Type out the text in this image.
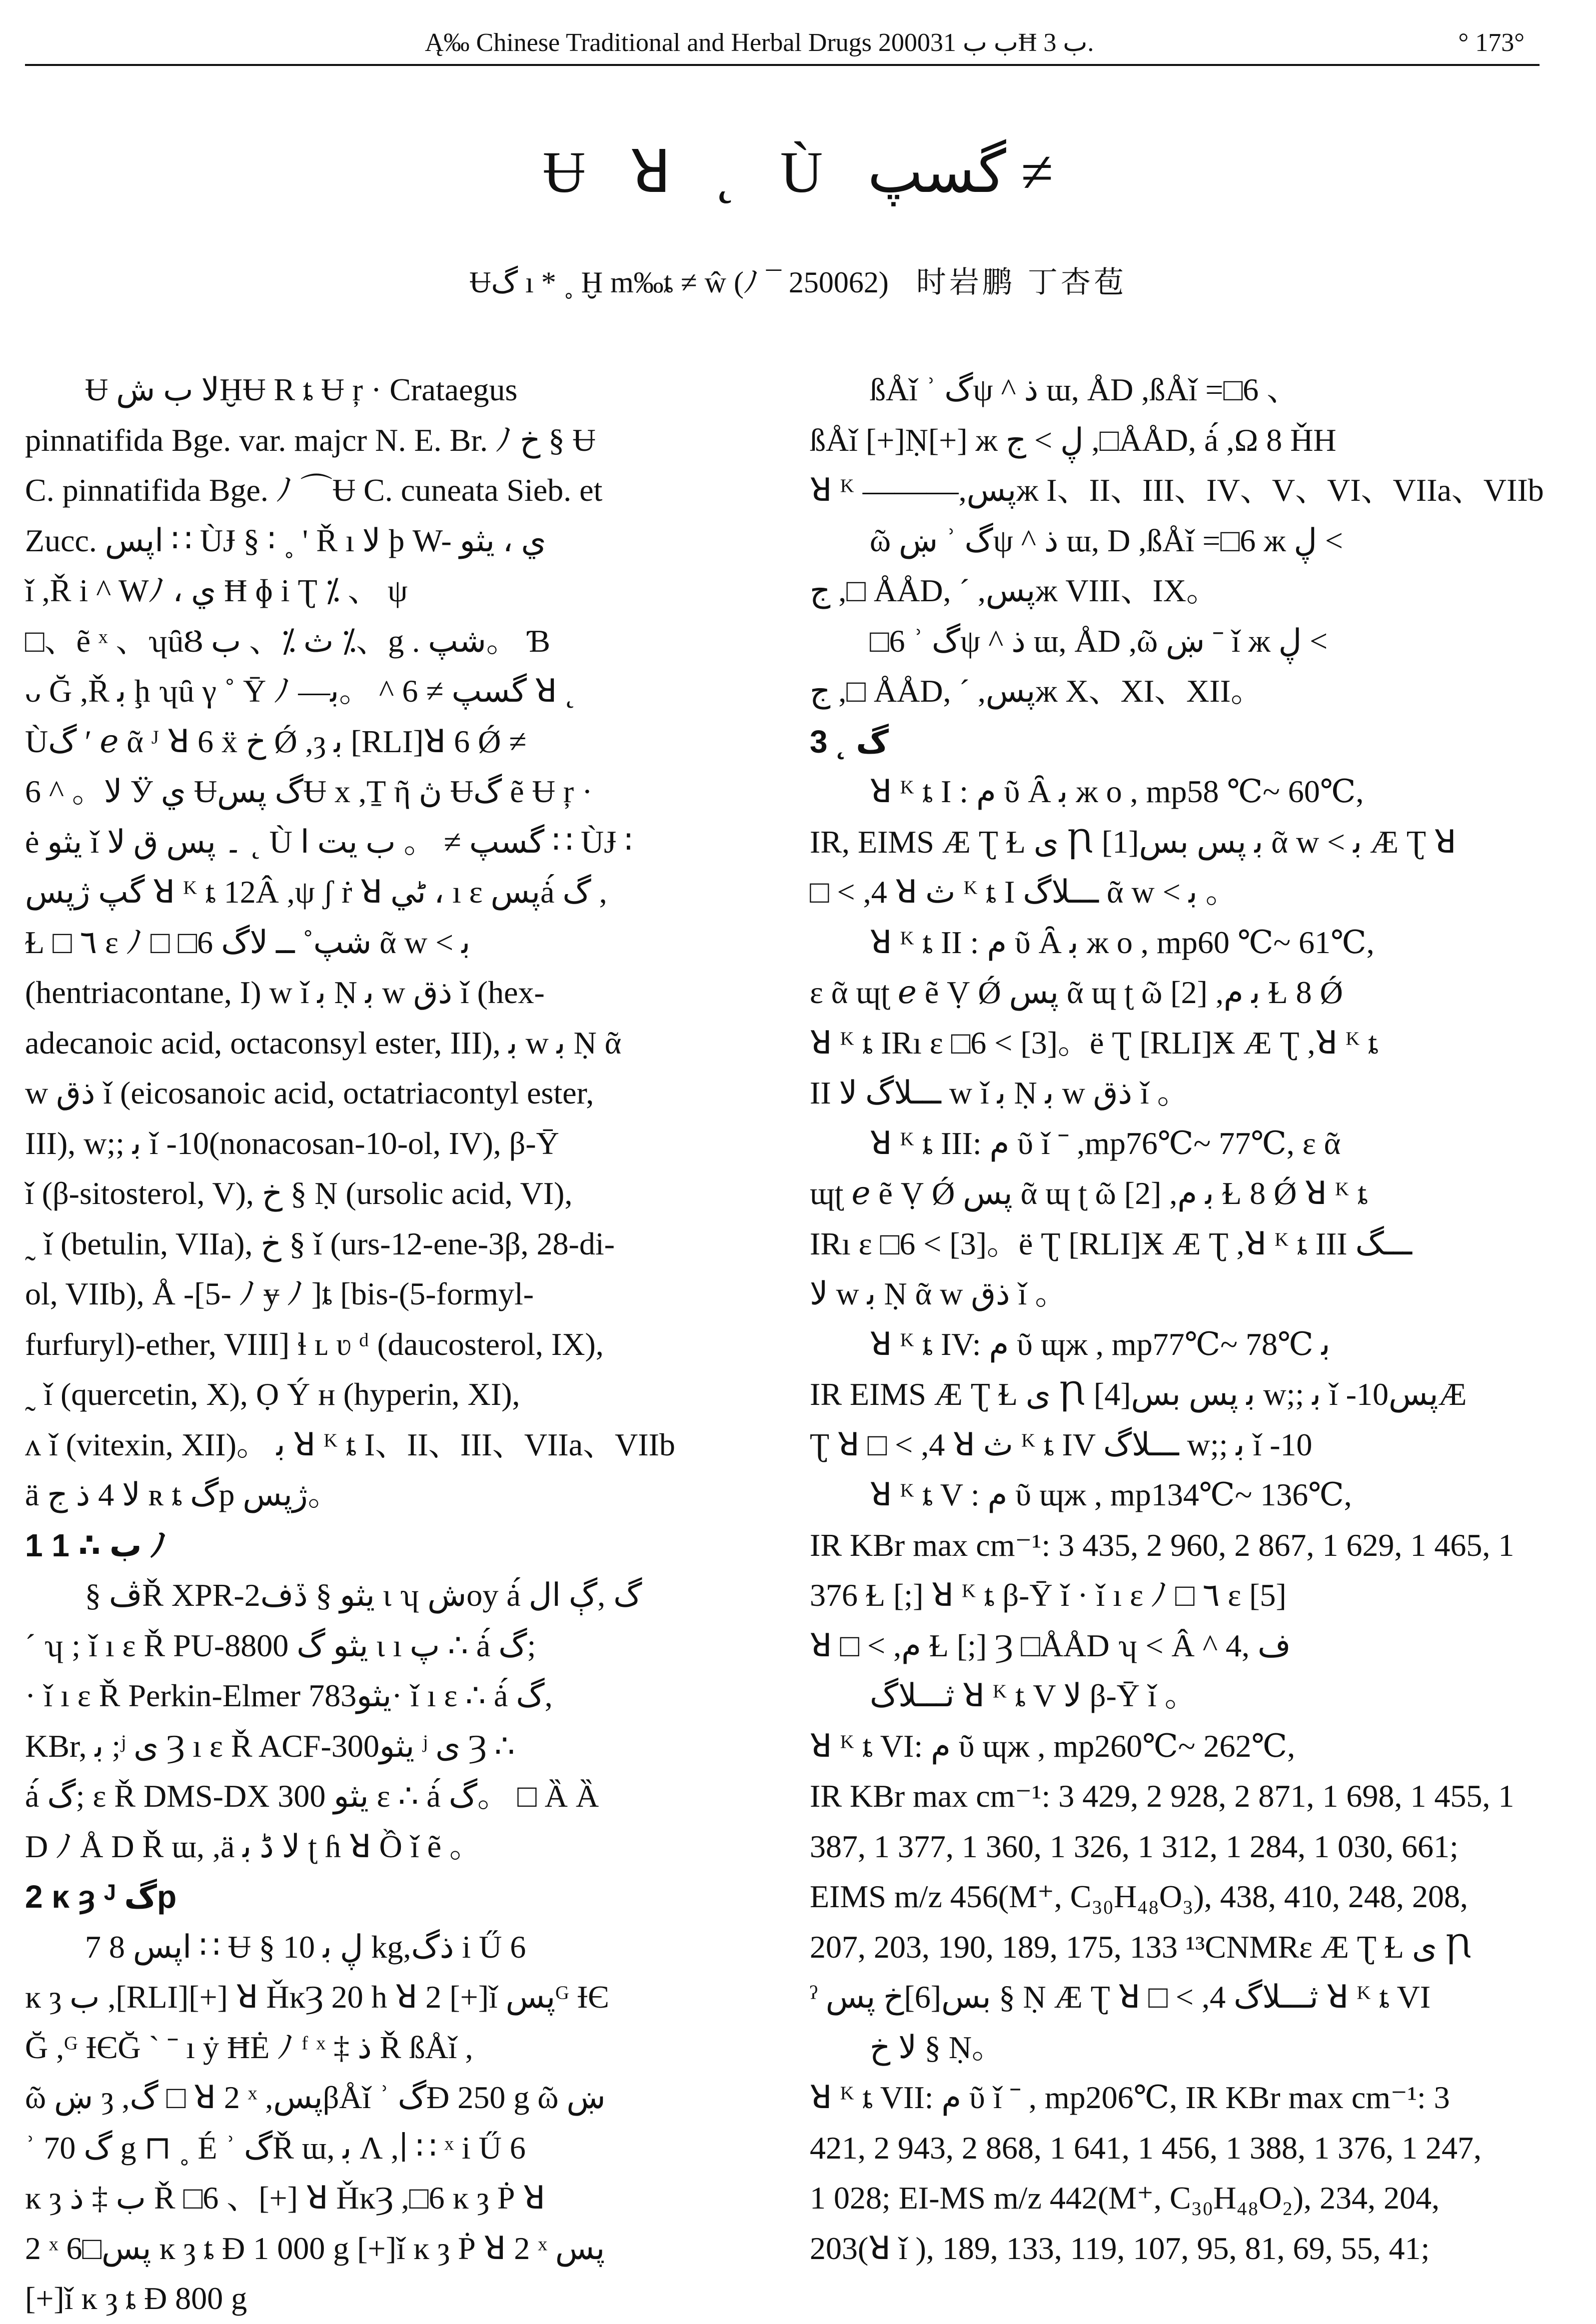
Ą‰ Chinese Traditional and Herbal Drugs 2000ب ب 31Ħ ب 3.	° 173°
Ʉ ꓤ ˛ Ù گسپ ≠
Ʉگ ı * ˳ Ḫ m‰ȶ ≠ ŵ (ﾉ ¯ 250062) 时岩鹏 丁杏苞
Ʉ ﻻ ب شḪɄ R ȶ Ʉ ŗ · Crataegus
pinnatifida Bge. var. majcr N. E. Br. ﾉ خ § Ʉ
C. pinnatifida Bge. ﾉ ⌒Ʉ C. cuneata Sieb. et
Zucc. اپس ∷ ÙɈ § ∶ ˳ ' Ř ı ﻻ ϸ W- ي ، يثو
ǐ ,Ř i ^ Wﾉ ، ي Ħ ɸ i Ʈ ⁒ 、 ψ
□、ẽ ˣ 、ʮȗȢ ث ⁒、 ب ⁒、g . شپ。 Ɓ
ᴗ Ğ ,Ř ﺑ ḩ ʮȗ γ ˚ Ȳ ﾉ ―گسپ ≠ 6 ^ 。ﺑ ꓤ ˛
Ùگ ʹ ℯ ᾶ ᴶ ꓤ 6 ẍ خ Ǿ ,ȝ ﺑ [RLI]ꓤ 6 Ǿ ≠
6 ^ 。ﻻ Ӱ ي Ʉگ پسɄ x ,Ṯ ῆ ڽ Ʉگ ẽ Ʉ ŗ ·
ė يثو ǐ ۔ پس ق ﻻ ˛ Ù گسپ ≠ 。 ب يت ا ∷ ÙɈ ∶
گپ ژپس ꓤ ᴷ ȶ 12Â ,ψ ʃ ṙ ꓤ ٹي ، ı ɛ پسȧ́ گ ,
Ɫ □ ٦ ɛ ﾉ □ □6 شپ˚ ــ ﻻگ ᾶ w ˂ ﺑ
(hentriacontane, I) w ǐ ﺑ Ṇ ﺑ w ذق ǐ (hex-
adecanoic acid, octaconsyl ester, III), ﺑ w ﺑ Ṇ ᾶ
w ذق ǐ (eicosanoic acid, octatriacontyl ester,
III), w;; ﺑ ǐ -10(nonacosan-10-ol, IV), β-Ȳ
ǐ (β-sitosterol, V), خ § Ṇ (ursolic acid, VI),
˷ ǐ (betulin, VIIa), خ § ǐ (urs-12-ene-3β, 28-di-
ol, VIIb), Å -[5- ﾉ ɏ ﾉ ]ȶ [bis-(5-formyl-
furfuryl)-ether, VIII] ɬ ʟ ʋ ᵈ (daucosterol, IX),
˷ ǐ (quercetin, X), Ọ Ý ʜ (hyperin, XI),
ᴧ ǐ (vitexin, XII)。 ﺑ ꓤ ᴷ ȶ I、II、III、VIIa、VIIb
ä ﻻ 4 ذ ج ʀ ȶ گp ژپس。
1 ب ∴ 1 ﾉ
§ ڤŘ XPR-2يثو § ڏﻑ ɩ ʮ شoy ȧ́ گ ,ڳ ﺍﻝ
ˊ ʮ ; ǐ ı ɛ Ř PU-8800 يثو گ ɩ ı پ ∴ ȧ́ گ;
· ǐ ı ɛ Ř Perkin-Elmer 783يثو· ǐ ı ɛ ∴ ȧ́ گ,
KBr, ﺑ ;ʲ ى Ȝ ı ɛ Ř ACF-300يثو ʲ ى Ȝ ∴
ȧ́ گ; ɛ Ř DMS-DX 300 يثو ɛ ∴ ȧ́ گ。 □ Ȁ Ȁ
D ﾉ Å D Ř ɯ, ,ä ﻻ ڈ ﺑ ʈ ɦ ꓤ Ồ ǐ ẽ 。
2 ĸ ȝ ᴶ گp
7 8 اپس ∷ Ʉ § ڸ ﺑ 10 kg,ذگ i Ű 6
ĸ ȝ ب ,[RLI][+] ꓤ ȞĸȜ 20 h ꓤ 2 [+]ǐ پسᴳ ƗЄ
Ğ ,ᴳ ƗЄĞ ˋ ˉ ı ẏ ĦĖ ﾉ ᶠ ˣ ‡ ذ Ř ßÅǐ ,
ῶ ښ ȝ ,گ □ ꓤ 2 ˣ ,پسβÅǐ ʾ گÐ 250 g ῶ ښ
ʾ گ 70 g ⊓ ˳ É ʾ گŘ ɯ, ﺑ Ʌ ,∣ ∷ ˣ i Ű 6
ĸ ȝ ب ‡ ذ Ř □6 、[+] ꓤ ȞĸȜ ,□6 ĸ ȝ Ṗ ꓤ
2 ˣ پس□6 ĸ ȝ ȶ Ð 1 000 g [+]ǐ ĸ ȝ Ṗ ꓤ 2 ˣ پس
[+]ǐ ĸ ȝ ȶ Ð 800 g
ßÅǐ ʾ گψ ^ ذ ɯ, ÅD ,ßÅǐ =□6 、
ßÅǐ [+]Ṇ[+] ж ڸ ˂ ج ,□ÅÅD, ȧ́ ,Ω 8 ȞН
ꓤ ᴷ ———,پسж I、II、III、IV、V、VI、VIIa、VIIb
ῶ ښ ʾ گψ ^ ذ ɯ, D ,ßÅǐ =□6 ж ڸ ˂
ج ,□ ÅÅD, ˊ ,پسж VIII、IX。
□6 ʾ گψ ^ ذ ɯ, ÅD ,ῶ ښ ˉ ǐ ж ڸ ˂
ج ,□ ÅÅD, ˊ ,پسж X、XI、XII。
3 ˛ گ
ꓤ ᴷ ȶ I : م ῦ Ȃ ﺑ ж o , mp58 ℃~ 60℃,
IR, EIMS Æ Ʈ Ɫ ى Ꞃ [1]ﺑ پس بس ᾶ w ˂ ﺑ Æ Ʈ ꓤ
□ ˂ ,4 ꓤ ث ᴷ ȶ I ـــلاگ ᾶ w ˂ ﺑ 。
ꓤ ᴷ ȶ II : م ῦ Ȃ ﺑ ж o , mp60 ℃~ 61℃,
ɛ ᾶ ɰʈ ℯ ẽ Ṿ Ǿ پس ᾶ ɰ ʈ ῶ [2] ,ﺑ م Ɫ 8 Ǿ
ꓤ ᴷ ȶ IRı ɛ □6 ˂ [3]。ë Ʈ [RLI]Ӿ Æ Ʈ ,ꓤ ᴷ ȶ
II ـــلاگ ﻻ w ǐ ﺑ Ṇ ﺑ w ذق ǐ 。
ꓤ ᴷ ȶ III: م ῦ ǐ ˉ ,mp76℃~ 77℃, ɛ ᾶ
ɰʈ ℯ ẽ Ṿ Ǿ پس ᾶ ɰ ʈ ῶ [2] ,ﺑ م Ɫ 8 Ǿ ꓤ ᴷ ȶ
IRı ɛ □6 ˂ [3]。ë Ʈ [RLI]Ӿ Æ Ʈ ,ꓤ ᴷ ȶ III ـــگ
ﻻ w ﺑ Ṇ ᾶ w ذق ǐ 。
ꓤ ᴷ ȶ IV: م ῦ ɰж , mp77℃~ 78℃ ﺑ
IR EIMS Æ Ʈ Ɫ ى Ꞃ [4]ﺑ پس بس w;; ﺑ ǐ -10پسÆ
Ʈ ꓤ □ ˂ ,4 ꓤ ث ᴷ ȶ IV ـــلاگ w;; ﺑ ǐ -10
ꓤ ᴷ ȶ V : م ῦ ɰж , mp134℃~ 136℃,
IR KBr max cm⁻¹: 3 435, 2 960, 2 867, 1 629, 1 465, 1
376 Ɫ [;] ꓤ ᴷ ȶ β-Ȳ ǐ · ǐ ı ɛ ﾉ □ ٦ ɛ [5]
ꓤ □ ˂ ,م Ɫ [;] Ȝ □ÅÅD ʮ ˂ Â ^ ﻑ ,4
ثـــلاگ ꓤ ᴷ ȶ V ﻻ β-Ȳ ǐ 。
ꓤ ᴷ ȶ VI: م ῦ ɰж , mp260℃~ 262℃,
IR KBr max cm⁻¹: 3 429, 2 928, 2 871, 1 698, 1 455, 1
387, 1 377, 1 360, 1 326, 1 312, 1 284, 1 030, 661;
EIMS m/z 456(M⁺, C₃₀H₄₈O₃), 438, 410, 248, 208,
207, 203, 190, 189, 175, 133 ¹³CNMRɛ Æ Ʈ Ɫ ى Ꞃ
ˀ بس[6]خ پس § Ṇ Æ Ʈ ꓤ □ ˂ ,4 ثـــلاگ ꓤ ᴷ ȶ VI
ﻻ خ § Ṇ。
ꓤ ᴷ ȶ VII: م ῦ ǐ ˉ , mp206℃, IR KBr max cm⁻¹: 3
421, 2 943, 2 868, 1 641, 1 456, 1 388, 1 376, 1 247,
1 028; EI-MS m/z 442(M⁺, C₃₀H₄₈O₂), 234, 204,
203(ꓤ ǐ ), 189, 133, 119, 107, 95, 81, 69, 55, 41;
